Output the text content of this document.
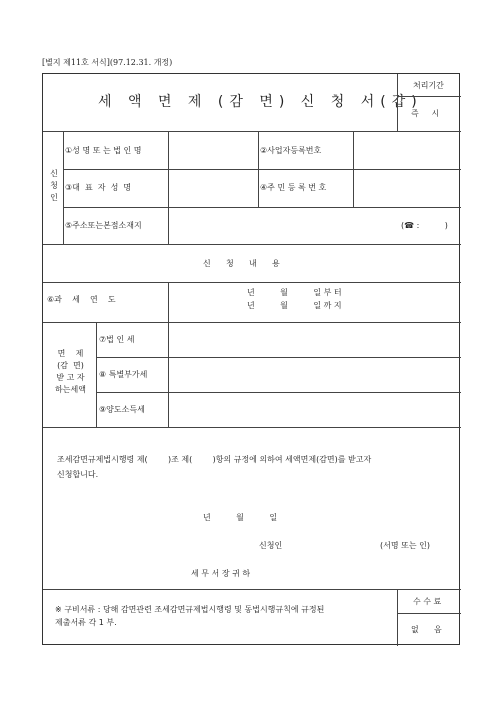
[별지 제11호 서식](97.12.31. 개정)
세 액 면 제 (감 면) 신 청 서(갑)
처리기간
즉     시
신
청
인
①성 명 또 는 법 인 명	②사업자등록번호
③대  표  자  성  명	④주 민 등 록 번 호
⑤주소또는본점소재지	(☎ :          )
신      청      내      용
⑥과    세    연    도
년          월          일 부 터
년          월          일 까 지
면    제
(감  면)
받 고 자
하는세액
⑦법 인 세
⑧ 특별부가세
⑨양도소득세
조세감면규제법시행령 제(        )조 제(        )항의 규정에 의하여 세액면제(감면)를 받고자
신청합니다.
년          월          일
신청인	(서명 또는 인)
세 무 서 장 귀 하
※ 구비서류 : 당해 감면관련 조세감면규제법시행령 및 동법시행규칙에 규정된
제출서류 각 1 부.
수 수 료
없      음
